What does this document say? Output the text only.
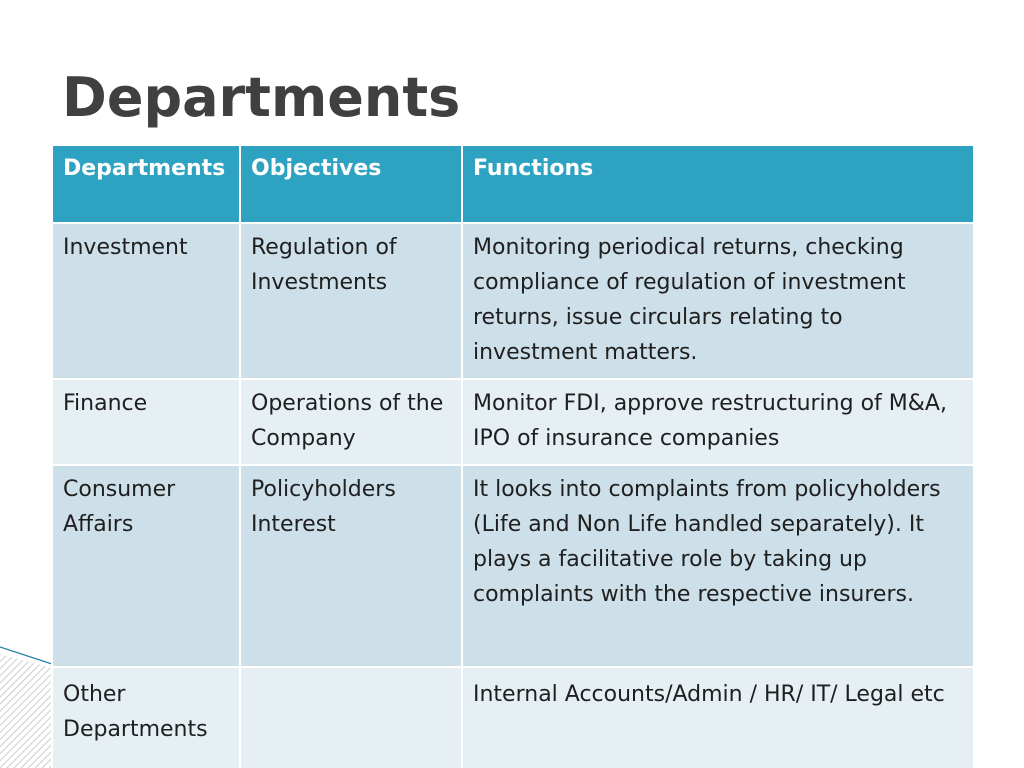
Departments
Departments	Objectives	Functions
Investment	Regulation of Investments	Monitoring periodical returns, checking compliance of regulation of investment returns, issue circulars relating to investment matters.
Finance	Operations of the Company	Monitor FDI, approve restructuring of M&A, IPO of insurance companies
Consumer Affairs	Policyholders Interest	It looks into complaints from policyholders (Life and Non Life handled separately). It plays a facilitative role by taking up complaints with the respective insurers.
Other Departments		Internal Accounts/Admin / HR/ IT/ Legal etc
